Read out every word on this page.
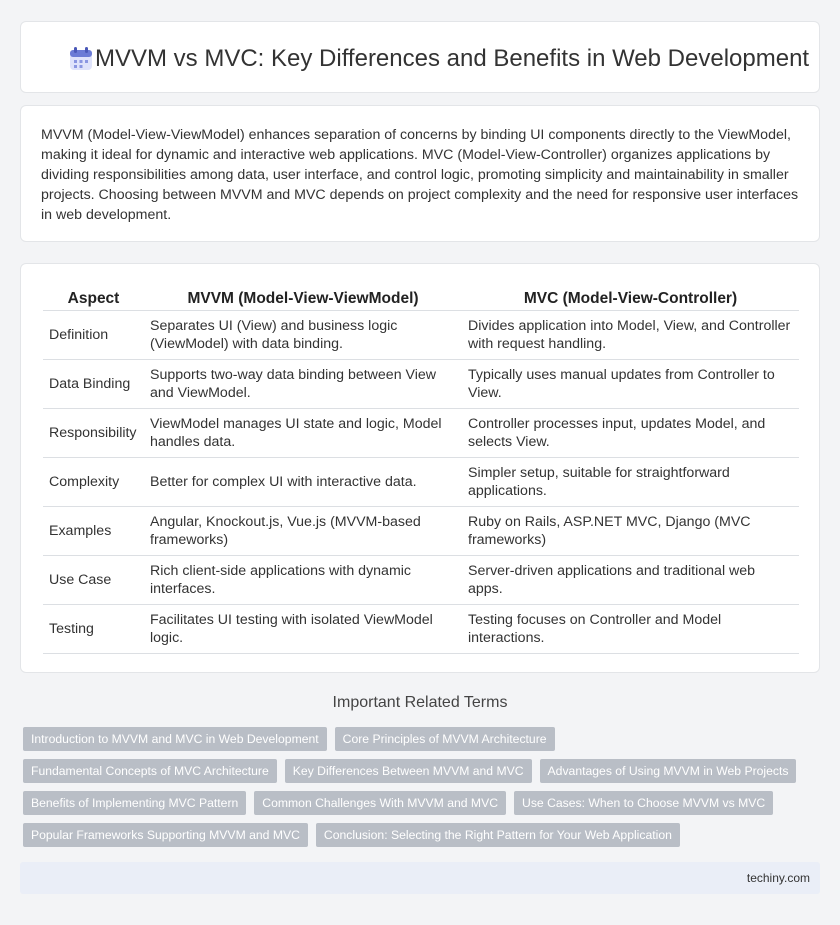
MVVM vs MVC: Key Differences and Benefits in Web Development

MVVM (Model-View-ViewModel) enhances separation of concerns by binding UI components directly to the ViewModel, making it ideal for dynamic and interactive web applications. MVC (Model-View-Controller) organizes applications by dividing responsibilities among data, user interface, and control logic, promoting simplicity and maintainability in smaller projects. Choosing between MVVM and MVC depends on project complexity and the need for responsive user interfaces in web development.

Aspect	MVVM (Model-View-ViewModel)	MVC (Model-View-Controller)
Definition	Separates UI (View) and business logic (ViewModel) with data binding.	Divides application into Model, View, and Controller with request handling.
Data Binding	Supports two-way data binding between View and ViewModel.	Typically uses manual updates from Controller to View.
Responsibility	ViewModel manages UI state and logic, Model handles data.	Controller processes input, updates Model, and selects View.
Complexity	Better for complex UI with interactive data.	Simpler setup, suitable for straightforward applications.
Examples	Angular, Knockout.js, Vue.js (MVVM-based frameworks)	Ruby on Rails, ASP.NET MVC, Django (MVC frameworks)
Use Case	Rich client-side applications with dynamic interfaces.	Server-driven applications and traditional web apps.
Testing	Facilitates UI testing with isolated ViewModel logic.	Testing focuses on Controller and Model interactions.
Important Related Terms
Introduction to MVVM and MVC in Web Development	Core Principles of MVVM Architecture
Fundamental Concepts of MVC Architecture	Key Differences Between MVVM and MVC	Advantages of Using MVVM in Web Projects
Benefits of Implementing MVC Pattern	Common Challenges With MVVM and MVC	Use Cases: When to Choose MVVM vs MVC
Popular Frameworks Supporting MVVM and MVC	Conclusion: Selecting the Right Pattern for Your Web Application
techiny.com
